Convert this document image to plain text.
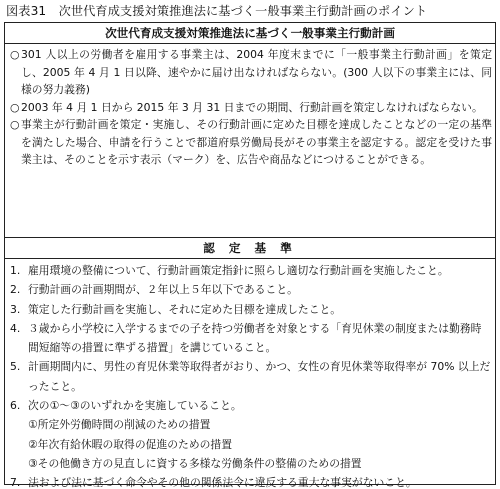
図表31　次世代育成支援対策推進法に基づく一般事業主行動計画のポイント
次世代育成支援対策推進法に基づく一般事業主行動計画
○ 301 人以上の労働者を雇用する事業主は、2004 年度末までに「一般事業主行動計画」を策定し、2005 年 4 月 1 日以降、速やかに届け出なければならない。(300 人以下の事業主には、同様の努力義務)
○ 2003 年 4 月 1 日から 2015 年 3 月 31 日までの期間、行動計画を策定しなければならない。
○ 事業主が行動計画を策定・実施し、その行動計画に定めた目標を達成したことなどの一定の基準を満たした場合、申請を行うことで都道府県労働局長がその事業主を認定する。認定を受けた事業主は、そのことを示す表示（マーク）を、広告や商品などにつけることができる。
認 定 基 準
1. 雇用環境の整備について、行動計画策定指針に照らし適切な行動計画を実施したこと。
2. 行動計画の計画期間が、２年以上５年以下であること。
3. 策定した行動計画を実施し、それに定めた目標を達成したこと。
4. ３歳から小学校に入学するまでの子を持つ労働者を対象とする「育児休業の制度または勤務時間短縮等の措置に準ずる措置」を講じていること。
5. 計画期間内に、男性の育児休業等取得者がおり、かつ、女性の育児休業等取得率が 70% 以上だったこと。
6. 次の①〜③のいずれかを実施していること。
①所定外労働時間の削減のための措置
②年次有給休暇の取得の促進のための措置
③その他働き方の見直しに資する多様な労働条件の整備のための措置
7. 法および法に基づく命令やその他の関係法令に違反する重大な事実がないこと。
